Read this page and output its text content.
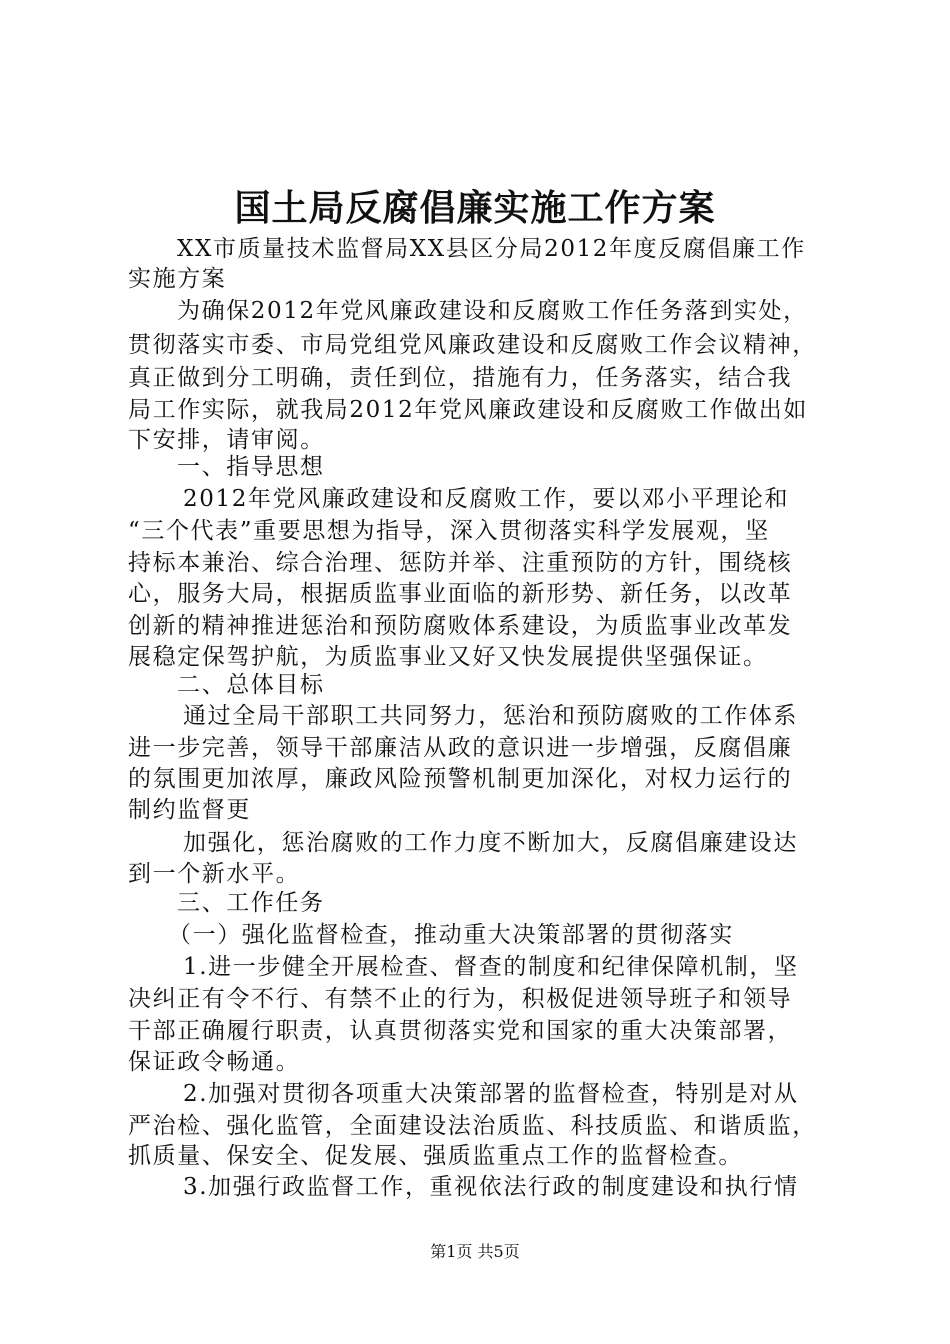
国土局反腐倡廉实施工作方案
XX市质量技术监督局XX县区分局2012年度反腐倡廉工作
实施方案
为确保2012年党风廉政建设和反腐败工作任务落到实处，
贯彻落实市委、市局党组党风廉政建设和反腐败工作会议精神，
真正做到分工明确，责任到位，措施有力，任务落实，结合我
局工作实际，就我局2012年党风廉政建设和反腐败工作做出如
下安排，请审阅。
一、指导思想
2012年党风廉政建设和反腐败工作，要以邓小平理论和
“三个代表”重要思想为指导，深入贯彻落实科学发展观，坚
持标本兼治、综合治理、惩防并举、注重预防的方针，围绕核
心，服务大局，根据质监事业面临的新形势、新任务，以改革
创新的精神推进惩治和预防腐败体系建设，为质监事业改革发
展稳定保驾护航，为质监事业又好又快发展提供坚强保证。
二、总体目标
通过全局干部职工共同努力，惩治和预防腐败的工作体系
进一步完善，领导干部廉洁从政的意识进一步增强，反腐倡廉
的氛围更加浓厚，廉政风险预警机制更加深化，对权力运行的
制约监督更
加强化，惩治腐败的工作力度不断加大，反腐倡廉建设达
到一个新水平。
三、工作任务
（一）强化监督检查，推动重大决策部署的贯彻落实
1.进一步健全开展检查、督查的制度和纪律保障机制，坚
决纠正有令不行、有禁不止的行为，积极促进领导班子和领导
干部正确履行职责，认真贯彻落实党和国家的重大决策部署，
保证政令畅通。
2.加强对贯彻各项重大决策部署的监督检查，特别是对从
严治检、强化监管，全面建设法治质监、科技质监、和谐质监，
抓质量、保安全、促发展、强质监重点工作的监督检查。
3.加强行政监督工作，重视依法行政的制度建设和执行情
第1页 共5页
